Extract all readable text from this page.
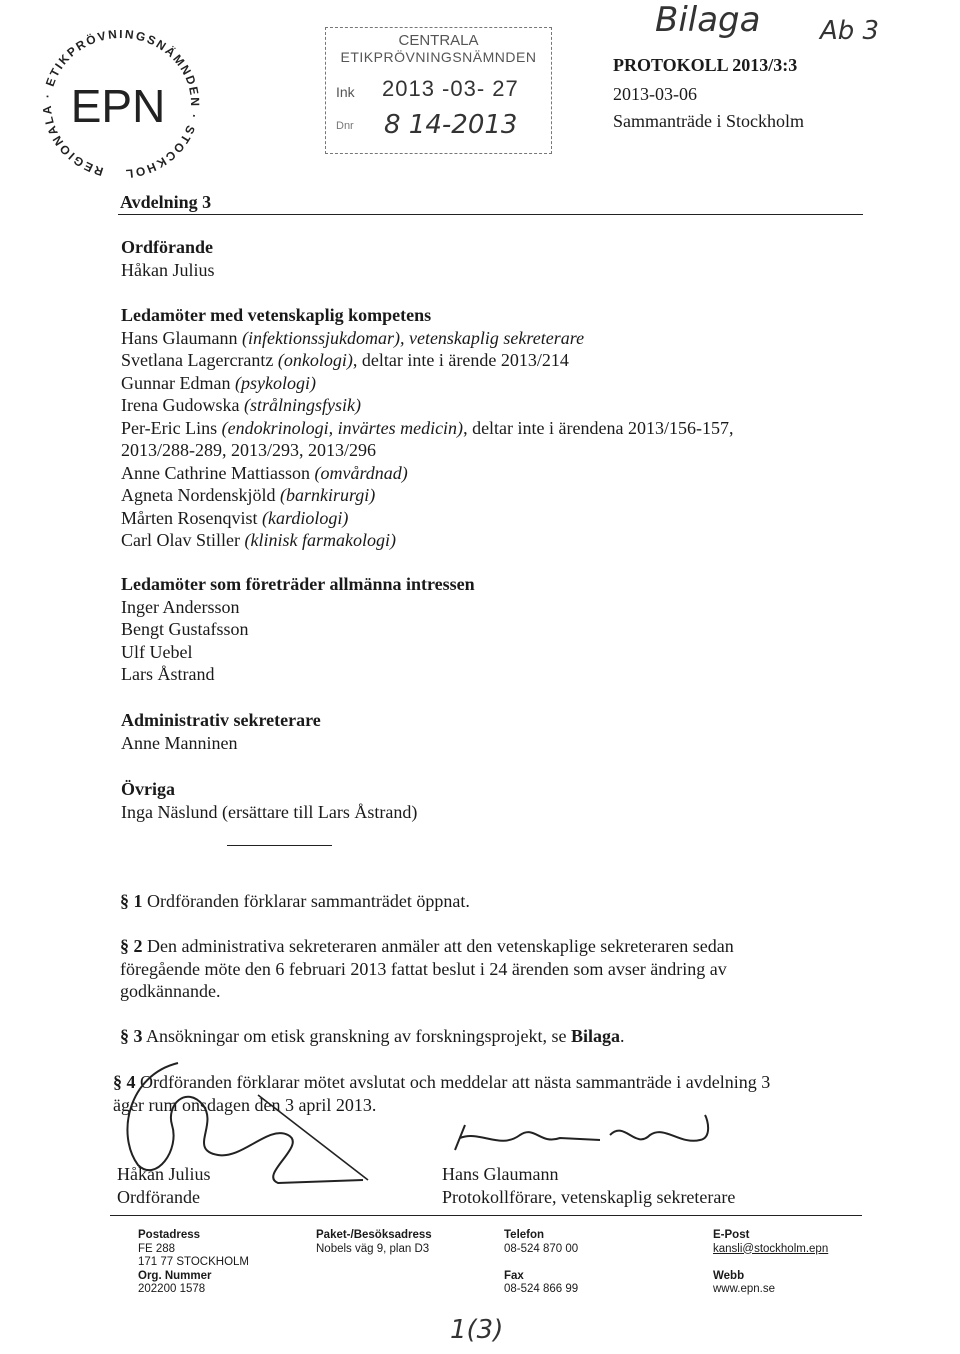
EPN
REGIONALA · ETIKPRÖVNINGSNÄMNDEN · STOCKHOL
CENTRALA
ETIKPRÖVNINGSNÄMNDEN
Ink 2013 -03- 27
Dnr 8 14-2013
Bilaga Ab 3
PROTOKOLL 2013/3:3
2013-03-06
Sammanträde i Stockholm
Avdelning 3
Ordförande
Håkan Julius
Ledamöter med vetenskaplig kompetens
Hans Glaumann (infektionssjukdomar), vetenskaplig sekreterare
Svetlana Lagercrantz (onkologi), deltar inte i ärende 2013/214
Gunnar Edman (psykologi)
Irena Gudowska (strålningsfysik)
Per-Eric Lins (endokrinologi, invärtes medicin), deltar inte i ärendena 2013/156-157,
2013/288-289, 2013/293, 2013/296
Anne Cathrine Mattiasson (omvårdnad)
Agneta Nordenskjöld (barnkirurgi)
Mårten Rosenqvist (kardiologi)
Carl Olav Stiller (klinisk farmakologi)
Ledamöter som företräder allmänna intressen
Inger Andersson
Bengt Gustafsson
Ulf Uebel
Lars Åstrand
Administrativ sekreterare
Anne Manninen
Övriga
Inga Näslund (ersättare till Lars Åstrand)
§ 1 Ordföranden förklarar sammanträdet öppnat.
§ 2 Den administrativa sekreteraren anmäler att den vetenskaplige sekreteraren sedan
föregående möte den 6 februari 2013 fattat beslut i 24 ärenden som avser ändring av
godkännande.
§ 3 Ansökningar om etisk granskning av forskningsprojekt, se Bilaga.
§ 4 Ordföranden förklarar mötet avslutat och meddelar att nästa sammanträde i avdelning 3
äger rum onsdagen den 3 april 2013.
Håkan Julius
Ordförande
Hans Glaumann
Protokollförare, vetenskaplig sekreterare
Postadress
FE 288
171 77 STOCKHOLM
Org. Nummer
202200 1578
Paket-/Besöksadress
Nobels väg 9, plan D3
Telefon
08-524 870 00
Fax
08-524 866 99
E-Post
kansli@stockholm.epn
Webb
www.epn.se
1(3)
